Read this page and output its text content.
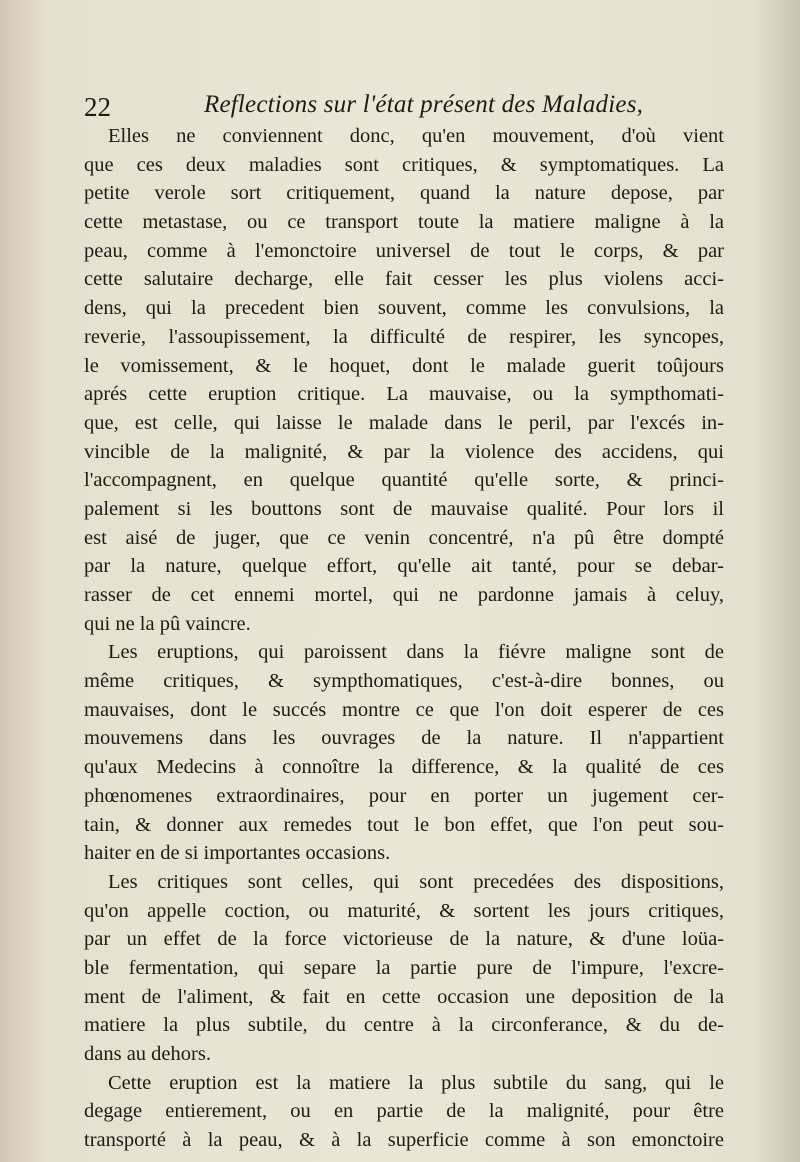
22	Reflections sur l'état présent des Maladies,
Elles ne conviennent donc, qu'en mouvement, d'où vient
que ces deux maladies sont critiques, & symptomatiques. La
petite verole sort critiquement, quand la nature depose, par
cette metastase, ou ce transport toute la matiere maligne à la
peau, comme à l'emonctoire universel de tout le corps, & par
cette salutaire decharge, elle fait cesser les plus violens acci-
dens, qui la precedent bien souvent, comme les convulsions, la
reverie, l'assoupissement, la difficulté de respirer, les syncopes,
le vomissement, & le hoquet, dont le malade guerit toûjours
aprés cette eruption critique. La mauvaise, ou la sympthomati-
que, est celle, qui laisse le malade dans le peril, par l'excés in-
vincible de la malignité, & par la violence des accidens, qui
l'accompagnent, en quelque quantité qu'elle sorte, & princi-
palement si les bouttons sont de mauvaise qualité. Pour lors il
est aisé de juger, que ce venin concentré, n'a pû être dompté
par la nature, quelque effort, qu'elle ait tanté, pour se debar-
rasser de cet ennemi mortel, qui ne pardonne jamais à celuy,
qui ne la pû vaincre.
Les eruptions, qui paroissent dans la fiévre maligne sont de
même critiques, & sympthomatiques, c'est-à-dire bonnes, ou
mauvaises, dont le succés montre ce que l'on doit esperer de ces
mouvemens dans les ouvrages de la nature. Il n'appartient
qu'aux Medecins à connoître la difference, & la qualité de ces
phœnomenes extraordinaires, pour en porter un jugement cer-
tain, & donner aux remedes tout le bon effet, que l'on peut sou-
haiter en de si importantes occasions.
Les critiques sont celles, qui sont precedées des dispositions,
qu'on appelle coction, ou maturité, & sortent les jours critiques,
par un effet de la force victorieuse de la nature, & d'une loüa-
ble fermentation, qui separe la partie pure de l'impure, l'excre-
ment de l'aliment, & fait en cette occasion une deposition de la
matiere la plus subtile, du centre à la circonferance, & du de-
dans au dehors.
Cette eruption est la matiere la plus subtile du sang, qui le
degage entierement, ou en partie de la malignité, pour être
transporté à la peau, & à la superficie comme à son emonctoire
